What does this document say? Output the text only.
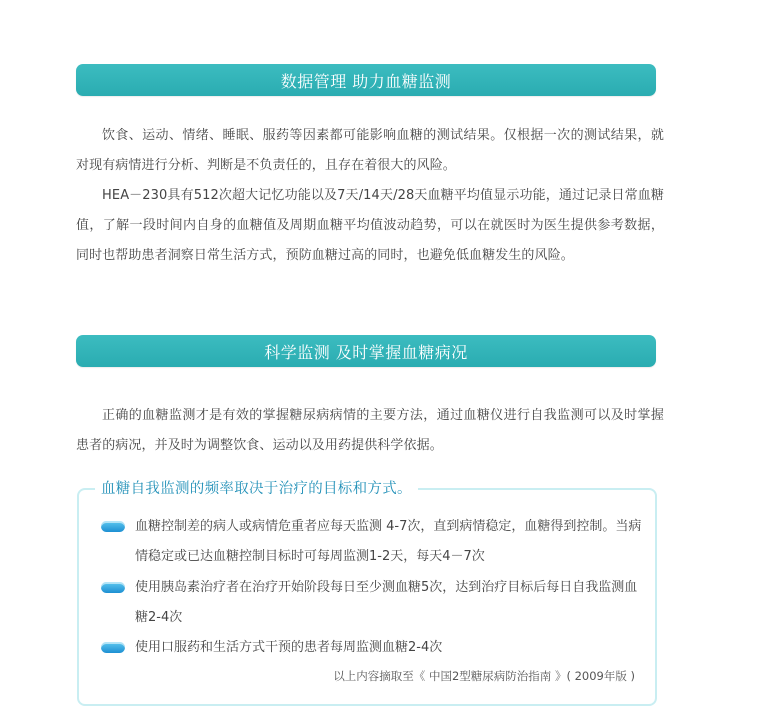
数据管理 助力血糖监测

饮食、运动、情绪、睡眠、服药等因素都可能影响血糖的测试结果。仅根据一次的测试结果，就对现有病情进行分析、判断是不负责任的，且存在着很大的风险。

HEA－230具有512次超大记忆功能以及7天/14天/28天血糖平均值显示功能，通过记录日常血糖值，了解一段时间内自身的血糖值及周期血糖平均值波动趋势，可以在就医时为医生提供参考数据，同时也帮助患者洞察日常生活方式，预防血糖过高的同时，也避免低血糖发生的风险。

科学监测 及时掌握血糖病况

正确的血糖监测才是有效的掌握糖尿病病情的主要方法，通过血糖仪进行自我监测可以及时掌握患者的病况，并及时为调整饮食、运动以及用药提供科学依据。

血糖自我监测的频率取决于治疗的目标和方式。

血糖控制差的病人或病情危重者应每天监测 4-7次，直到病情稳定，血糖得到控制。当病情稳定或已达血糖控制目标时可每周监测1-2天，每天4－7次

使用胰岛素治疗者在治疗开始阶段每日至少测血糖5次，达到治疗目标后每日自我监测血糖2-4次

使用口服药和生活方式干预的患者每周监测血糖2-4次

以上内容摘取至《 中国2型糖尿病防治指南 》( 2009年版 )
